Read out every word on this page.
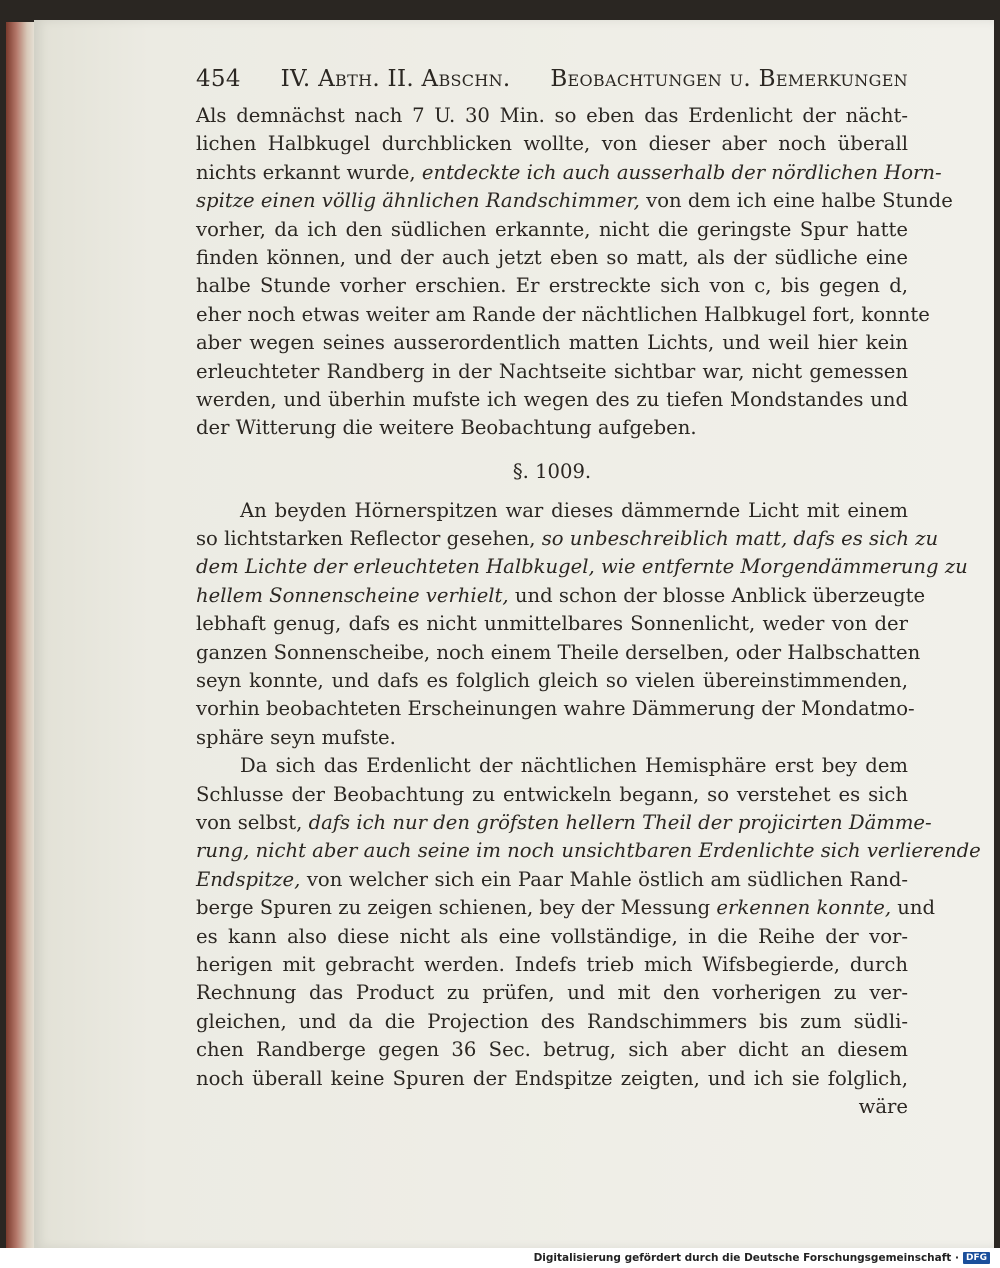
454 IV. Abth. II. Abschn. Beobachtungen u. Bemerkungen
Als demnächst nach 7 U. 30 Min. so eben das Erdenlicht der nächt-
lichen Halbkugel durchblicken wollte, von dieser aber noch überall
nichts erkannt wurde, entdeckte ich auch ausserhalb der nördlichen Horn-
spitze einen völlig ähnlichen Randschimmer, von dem ich eine halbe Stunde
vorher, da ich den südlichen erkannte, nicht die geringste Spur hatte
finden können, und der auch jetzt eben so matt, als der südliche eine
halbe Stunde vorher erschien. Er erstreckte sich von c, bis gegen d,
eher noch etwas weiter am Rande der nächtlichen Halbkugel fort, konnte
aber wegen seines ausserordentlich matten Lichts, und weil hier kein
erleuchteter Randberg in der Nachtseite sichtbar war, nicht gemessen
werden, und überhin mufste ich wegen des zu tiefen Mondstandes und
der Witterung die weitere Beobachtung aufgeben.
§. 1009.
An beyden Hörnerspitzen war dieses dämmernde Licht mit einem
so lichtstarken Reflector gesehen, so unbeschreiblich matt, dafs es sich zu
dem Lichte der erleuchteten Halbkugel, wie entfernte Morgendämmerung zu
hellem Sonnenscheine verhielt, und schon der blosse Anblick überzeugte
lebhaft genug, dafs es nicht unmittelbares Sonnenlicht, weder von der
ganzen Sonnenscheibe, noch einem Theile derselben, oder Halbschatten
seyn konnte, und dafs es folglich gleich so vielen übereinstimmenden,
vorhin beobachteten Erscheinungen wahre Dämmerung der Mondatmo-
sphäre seyn mufste.
Da sich das Erdenlicht der nächtlichen Hemisphäre erst bey dem
Schlusse der Beobachtung zu entwickeln begann, so verstehet es sich
von selbst, dafs ich nur den gröfsten hellern Theil der projicirten Dämme-
rung, nicht aber auch seine im noch unsichtbaren Erdenlichte sich verlierende
Endspitze, von welcher sich ein Paar Mahle östlich am südlichen Rand-
berge Spuren zu zeigen schienen, bey der Messung erkennen konnte, und
es kann also diese nicht als eine vollständige, in die Reihe der vor-
herigen mit gebracht werden. Indefs trieb mich Wifsbegierde, durch
Rechnung das Product zu prüfen, und mit den vorherigen zu ver-
gleichen, und da die Projection des Randschimmers bis zum südli-
chen Randberge gegen 36 Sec. betrug, sich aber dicht an diesem
noch überall keine Spuren der Endspitze zeigten, und ich sie folglich,
wäre
Digitalisierung gefördert durch die Deutsche Forschungsgemeinschaft · DFG
